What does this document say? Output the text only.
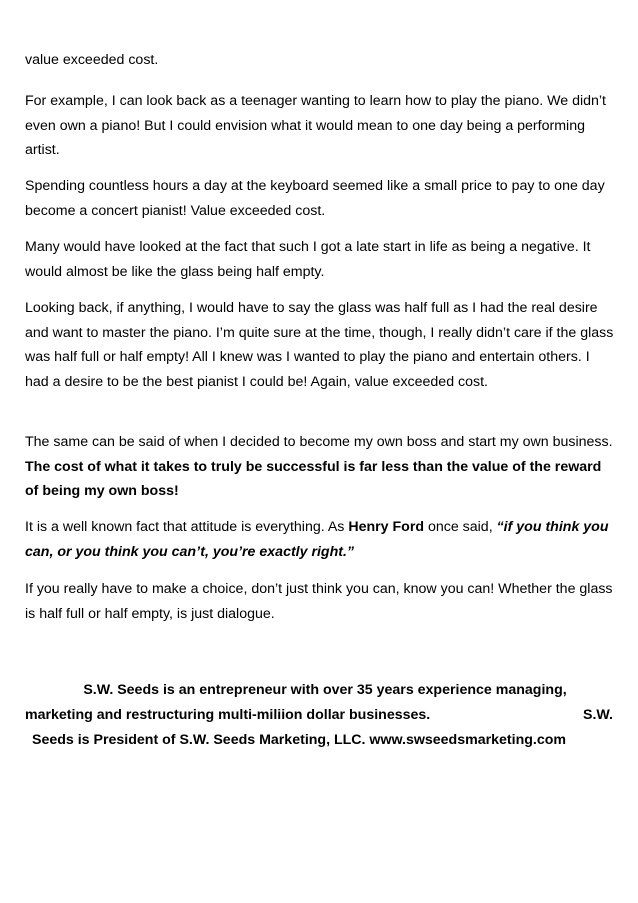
value exceeded cost.

For example, I can look back as a teenager wanting to learn how to play the piano. We didn’t even own a piano! But I could envision what it would mean to one day being a performing artist.

Spending countless hours a day at the keyboard seemed like a small price to pay to one day become a concert pianist! Value exceeded cost.

Many would have looked at the fact that such I got a late start in life as being a negative. It would almost be like the glass being half empty.

Looking back, if anything, I would have to say the glass was half full as I had the real desire and want to master the piano. I’m quite sure at the time, though, I really didn’t care if the glass was half full or half empty! All I knew was I wanted to play the piano and entertain others. I had a desire to be the best pianist I could be! Again, value exceeded cost.

The same can be said of when I decided to become my own boss and start my own business. The cost of what it takes to truly be successful is far less than the value of the reward of being my own boss!

It is a well known fact that attitude is everything. As Henry Ford once said, “if you think you can, or you think you can’t, you’re exactly right.”

If you really have to make a choice, don’t just think you can, know you can! Whether the glass is half full or half empty, is just dialogue.

S.W. Seeds is an entrepreneur with over 35 years experience managing,
marketing and restructuring multi-miliion dollar businesses.	S.W.
Seeds is President of S.W. Seeds Marketing, LLC. www.swseedsmarketing.com
